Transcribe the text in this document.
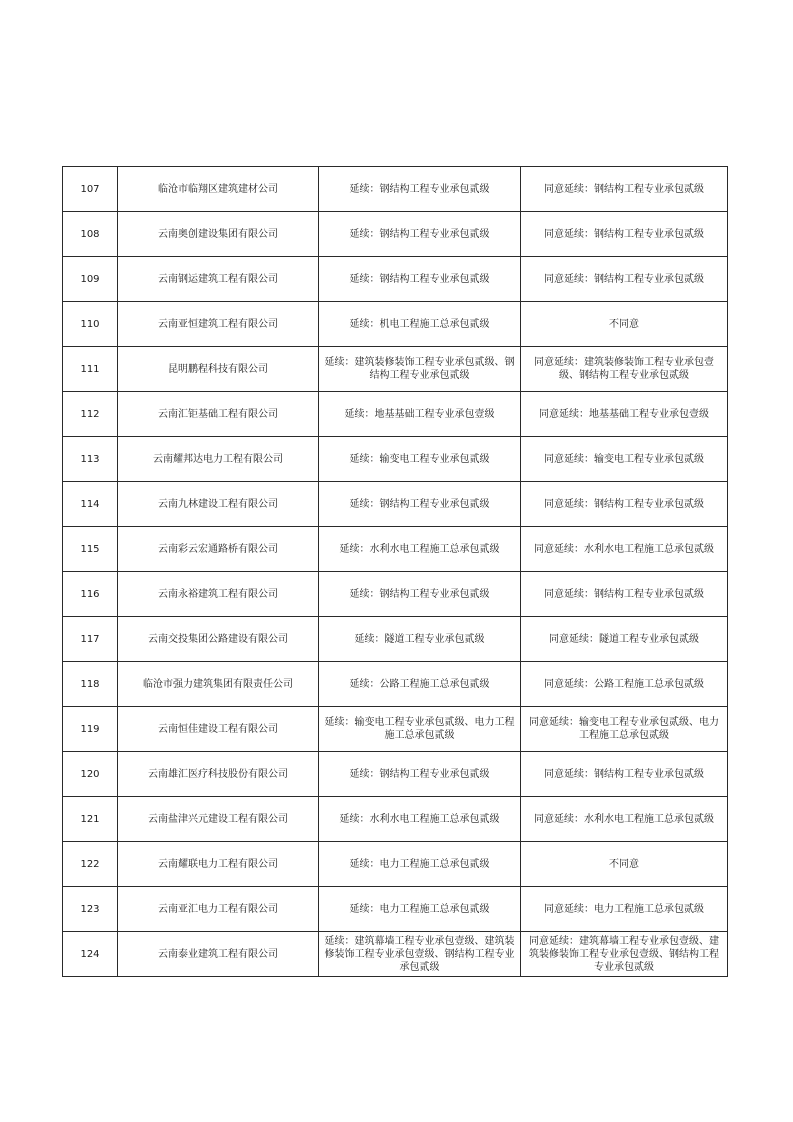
107	临沧市临翔区建筑建材公司	延续：钢结构工程专业承包贰级	同意延续：钢结构工程专业承包贰级
108	云南奥创建设集团有限公司	延续：钢结构工程专业承包贰级	同意延续：钢结构工程专业承包贰级
109	云南钢运建筑工程有限公司	延续：钢结构工程专业承包贰级	同意延续：钢结构工程专业承包贰级
110	云南亚恒建筑工程有限公司	延续：机电工程施工总承包贰级	不同意
111	昆明鹏程科技有限公司	延续：建筑装修装饰工程专业承包贰级、钢结构工程专业承包贰级	同意延续：建筑装修装饰工程专业承包壹级、钢结构工程专业承包贰级
112	云南汇钜基础工程有限公司	延续：地基基础工程专业承包壹级	同意延续：地基基础工程专业承包壹级
113	云南耀邦达电力工程有限公司	延续：输变电工程专业承包贰级	同意延续：输变电工程专业承包贰级
114	云南九林建设工程有限公司	延续：钢结构工程专业承包贰级	同意延续：钢结构工程专业承包贰级
115	云南彩云宏通路桥有限公司	延续：水利水电工程施工总承包贰级	同意延续：水利水电工程施工总承包贰级
116	云南永裕建筑工程有限公司	延续：钢结构工程专业承包贰级	同意延续：钢结构工程专业承包贰级
117	云南交投集团公路建设有限公司	延续：隧道工程专业承包贰级	同意延续：隧道工程专业承包贰级
118	临沧市强力建筑集团有限责任公司	延续：公路工程施工总承包贰级	同意延续：公路工程施工总承包贰级
119	云南恒佳建设工程有限公司	延续：输变电工程专业承包贰级、电力工程施工总承包贰级	同意延续：输变电工程专业承包贰级、电力工程施工总承包贰级
120	云南雄汇医疗科技股份有限公司	延续：钢结构工程专业承包贰级	同意延续：钢结构工程专业承包贰级
121	云南盐津兴元建设工程有限公司	延续：水利水电工程施工总承包贰级	同意延续：水利水电工程施工总承包贰级
122	云南耀联电力工程有限公司	延续：电力工程施工总承包贰级	不同意
123	云南亚汇电力工程有限公司	延续：电力工程施工总承包贰级	同意延续：电力工程施工总承包贰级
124	云南泰业建筑工程有限公司	延续：建筑幕墙工程专业承包壹级、建筑装修装饰工程专业承包壹级、钢结构工程专业承包贰级	同意延续：建筑幕墙工程专业承包壹级、建筑装修装饰工程专业承包壹级、钢结构工程专业承包贰级
